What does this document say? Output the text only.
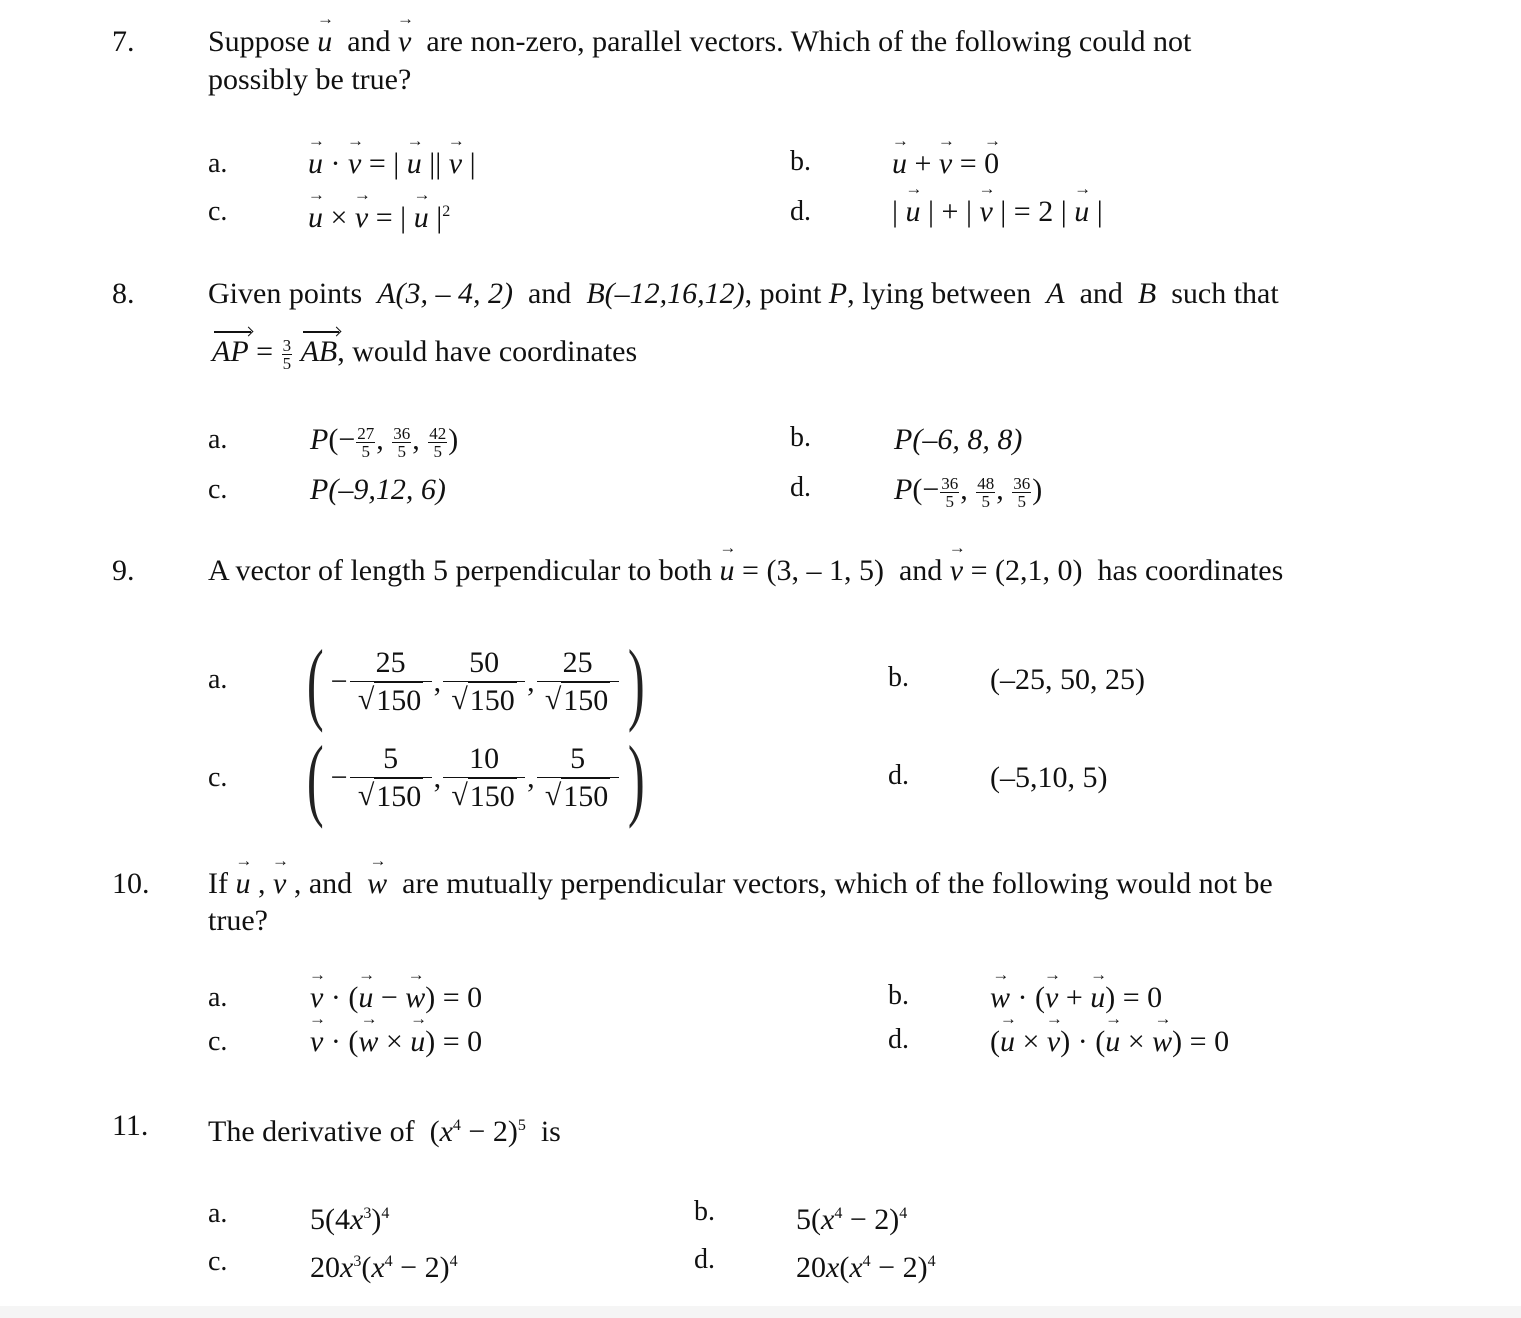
7. Suppose u → and v → are non-zero, parallel vectors. Which of the following could not
possibly be true?
a.	u → · v → = | u → || v → |	b.	u → + v → = 0 →
c.	u → × v → = | $u \to |^2$	d.	| u → | + | v → | = 2 | u → |
8. Given points A(3, – 4, 2) and B(–12,16,12), point P, lying between A and B such that
AP = $\frac{3}{5}$ AB, would have coordinates
a.	$P(- \frac{27}{5}$ , $\frac{36}{5}$ , $\frac{42}{5}$ )	b.	P(–6, 8, 8)
c.	P(–9,12, 6)	d.	$P(- \frac{36}{5}$ , $\frac{48}{5}$ , $\frac{36}{5}$ )
9. A vector of length 5 perpendicular to both u → = (3, – 1, 5) and v → = (2,1, 0) has coordinates
a. ( −
25
√ 150
,
50
√ 150
,
25
√ 150 )	b.	(–25, 50, 25)
c. ( −
5
√ 150
,
10
√ 150
,
5
√ 150 )	d.	(–5,10, 5)
10. If u → , v → , and w → are mutually perpendicular vectors, which of the following would not be
true?
a.	v → · (u → − w →) = 0	b.	w → · (v → + u →) = 0
c.	v → · (w → × u →) = 0	d.	(u → × v →) · (u → × w →) = 0
11. The derivative of  $(x^4 - 2)^5$ is
a.	$5(4x^3)^4$	b.	$5(x^4 - 2)^4$
c.	$20x^3(x^4 - 2)^4$	d.	$20x(x^4 - 2)^4$
